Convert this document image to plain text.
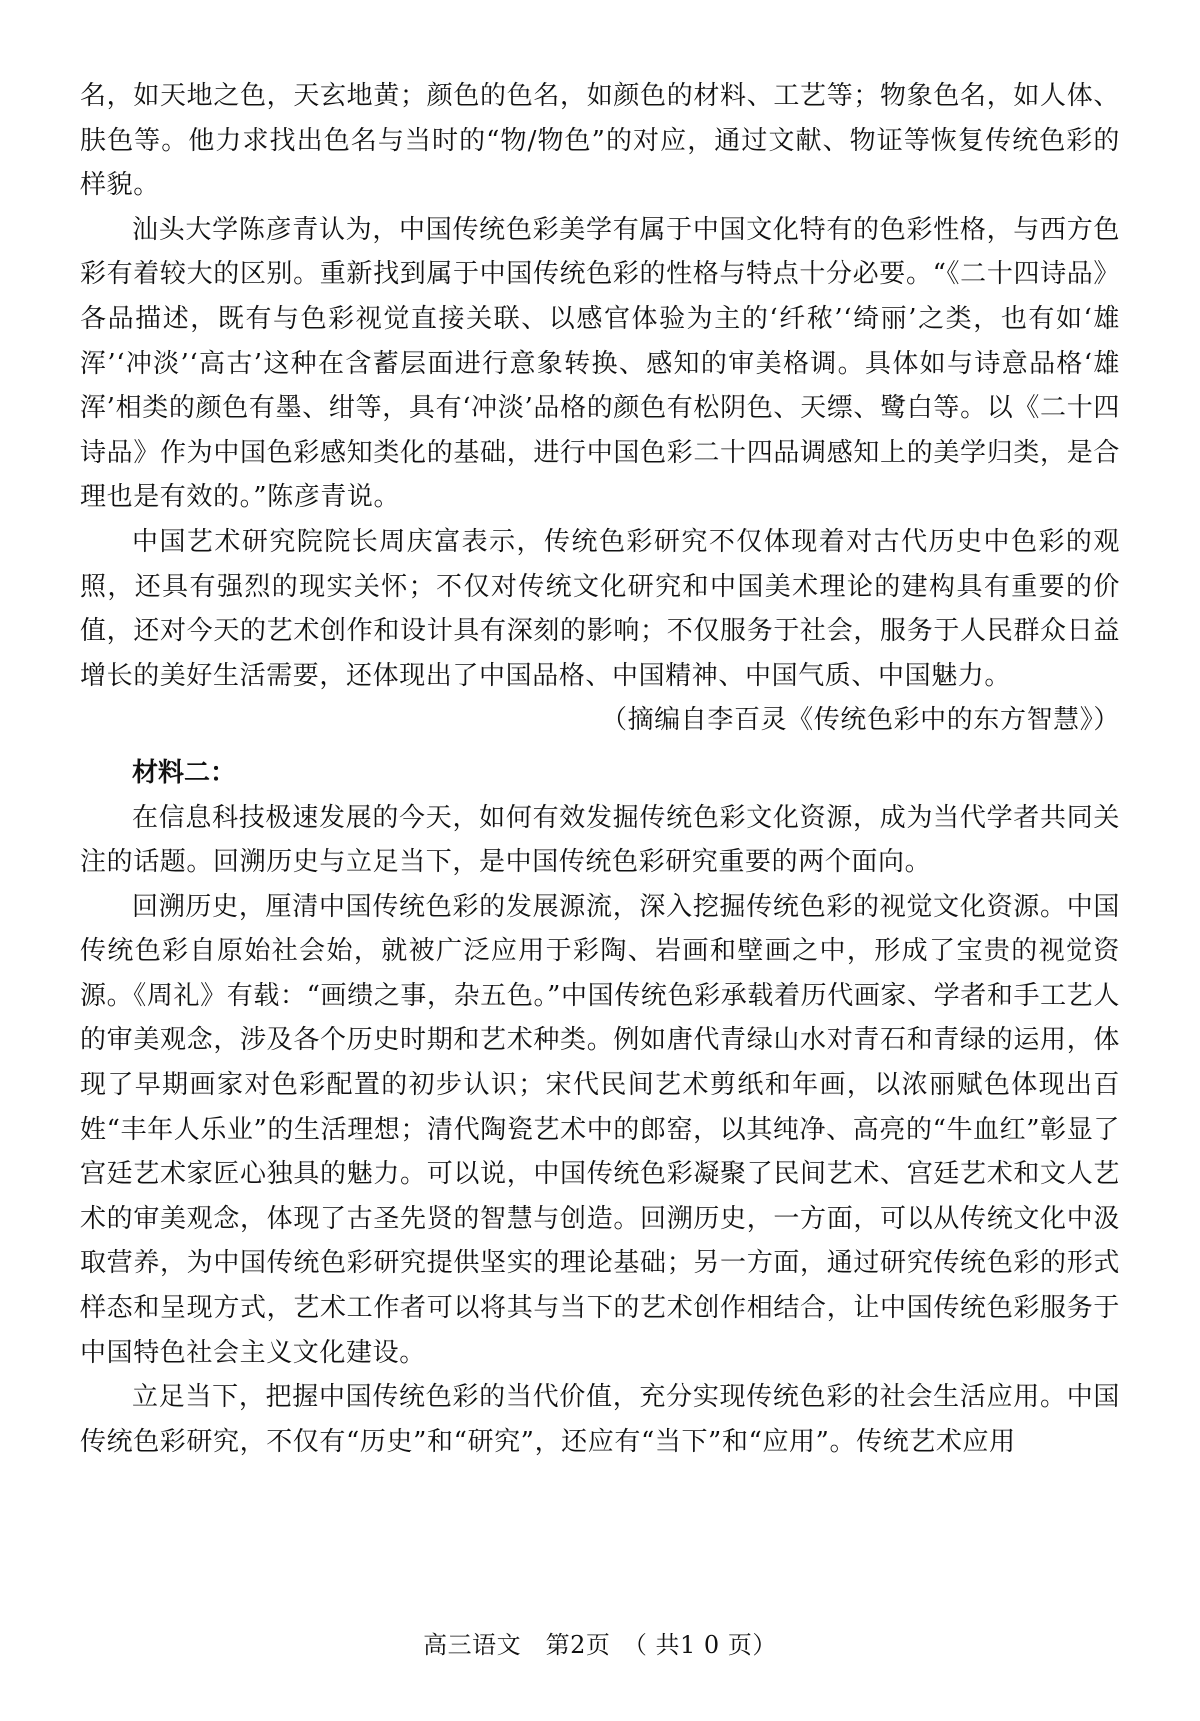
名，如天地之色，天玄地黄；颜色的色名，如颜色的材料、工艺等；物象色名，如人体、肤色等。他力求找出色名与当时的“物/物色”的对应，通过文献、物证等恢复传统色彩的样貌。

汕头大学陈彦青认为，中国传统色彩美学有属于中国文化特有的色彩性格，与西方色彩有着较大的区别。重新找到属于中国传统色彩的性格与特点十分必要。“《二十四诗品》各品描述，既有与色彩视觉直接关联、以感官体验为主的‘纤秾’‘绮丽’之类，也有如‘雄浑’‘冲淡’‘高古’这种在含蓄层面进行意象转换、感知的审美格调。具体如与诗意品格‘雄浑’相类的颜色有墨、绀等，具有‘冲淡’品格的颜色有松阴色、天缥、鹭白等。以《二十四诗品》作为中国色彩感知类化的基础，进行中国色彩二十四品调感知上的美学归类，是合理也是有效的。”陈彦青说。

中国艺术研究院院长周庆富表示，传统色彩研究不仅体现着对古代历史中色彩的观照，还具有强烈的现实关怀；不仅对传统文化研究和中国美术理论的建构具有重要的价值，还对今天的艺术创作和设计具有深刻的影响；不仅服务于社会，服务于人民群众日益增长的美好生活需要，还体现出了中国品格、中国精神、中国气质、中国魅力。

（摘编自李百灵《传统色彩中的东方智慧》）

材料二：

在信息科技极速发展的今天，如何有效发掘传统色彩文化资源，成为当代学者共同关注的话题。回溯历史与立足当下，是中国传统色彩研究重要的两个面向。

回溯历史，厘清中国传统色彩的发展源流，深入挖掘传统色彩的视觉文化资源。中国传统色彩自原始社会始，就被广泛应用于彩陶、岩画和壁画之中，形成了宝贵的视觉资源。《周礼》有载：“画缋之事，杂五色。”中国传统色彩承载着历代画家、学者和手工艺人的审美观念，涉及各个历史时期和艺术种类。例如唐代青绿山水对青石和青绿的运用，体现了早期画家对色彩配置的初步认识；宋代民间艺术剪纸和年画，以浓丽赋色体现出百姓“丰年人乐业”的生活理想；清代陶瓷艺术中的郎窑，以其纯净、高亮的“牛血红”彰显了宫廷艺术家匠心独具的魅力。可以说，中国传统色彩凝聚了民间艺术、宫廷艺术和文人艺术的审美观念，体现了古圣先贤的智慧与创造。回溯历史，一方面，可以从传统文化中汲取营养，为中国传统色彩研究提供坚实的理论基础；另一方面，通过研究传统色彩的形式样态和呈现方式，艺术工作者可以将其与当下的艺术创作相结合，让中国传统色彩服务于中国特色社会主义文化建设。

立足当下，把握中国传统色彩的当代价值，充分实现传统色彩的社会生活应用。中国传统色彩研究，不仅有“历史”和“研究”，还应有“当下”和“应用”。传统艺术应用

高三语文　第2页　（ 共1 0 页）
